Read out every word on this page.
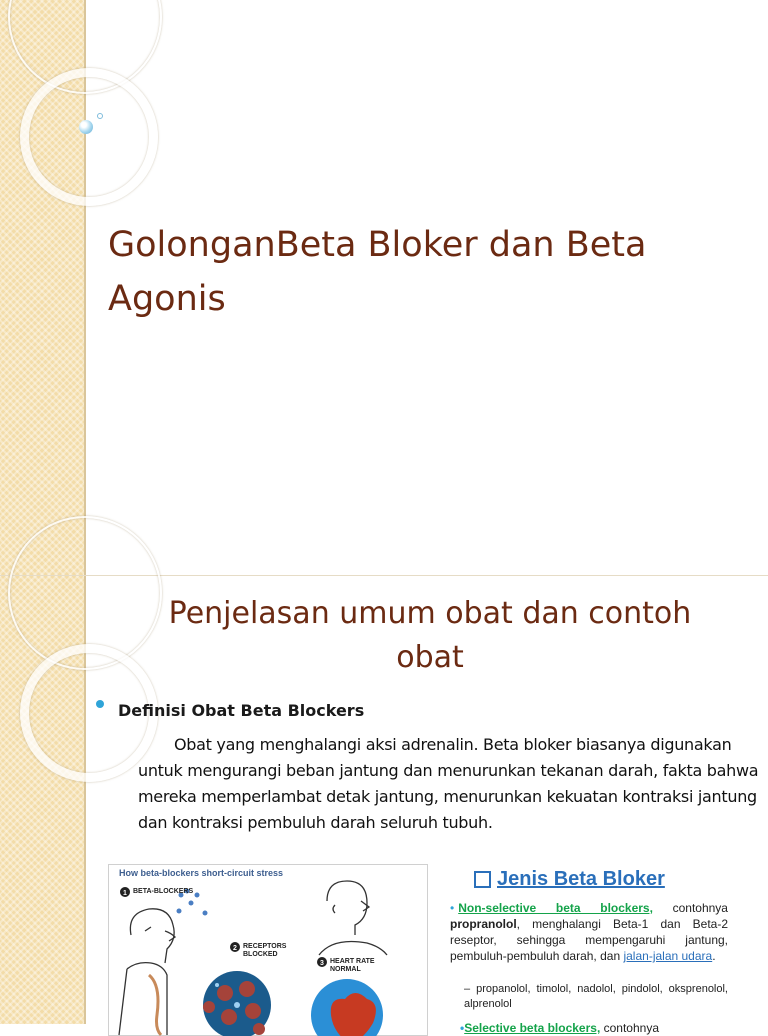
GolonganBeta Bloker dan Beta Agonis
Penjelasan umum obat dan contoh obat

Definisi Obat Beta Blockers

Obat yang menghalangi aksi adrenalin. Beta bloker biasanya digunakan untuk mengurangi beban jantung dan menurunkan tekanan darah, fakta bahwa mereka memperlambat detak jantung, menurunkan kekuatan kontraksi jantung dan kontraksi pembuluh darah seluruh tubuh.

How beta-blockers short-circuit stress
1
2
3
BETA-BLOCKERS
RECEPTORS BLOCKED
HEART RATE NORMAL
Jenis Beta Bloker

• Non-selective beta blockers, contohnya propranolol, menghalangi Beta-1 dan Beta-2 reseptor, sehingga mempengaruhi jantung, pembuluh-pembuluh darah, dan jalan-jalan udara.

– propanolol, timolol, nadolol, pindolol, oksprenolol, alprenolol

•Selective beta blockers, contohnya
